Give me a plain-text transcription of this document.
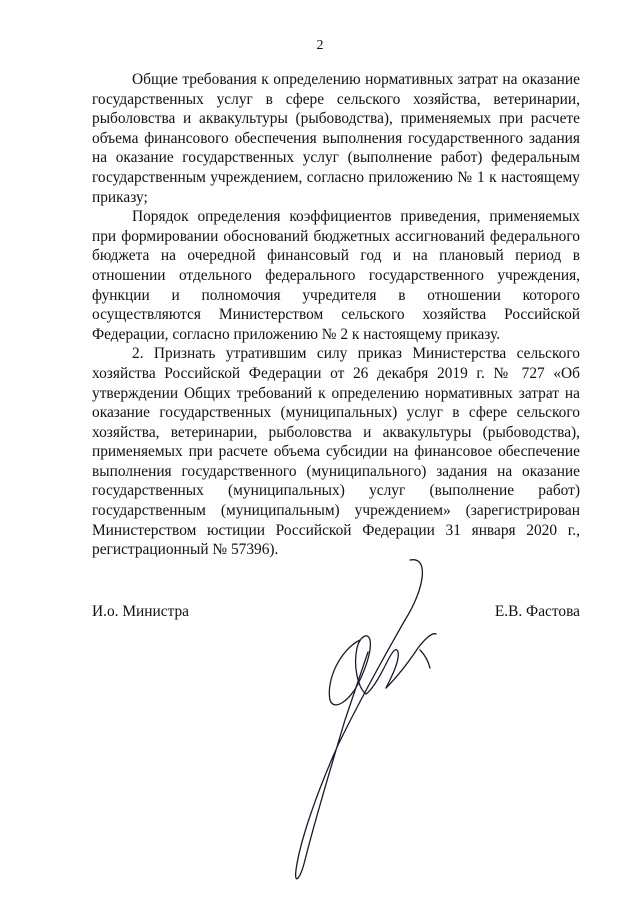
2

Общие требования к определению нормативных затрат на оказание государственных услуг в сфере сельского хозяйства, ветеринарии, рыболовства и аквакультуры (рыбоводства), применяемых при расчете объема финансового обеспечения выполнения государственного задания на оказание государственных услуг (выполнение работ) федеральным государственным учреждением, согласно приложению № 1 к настоящему приказу;

Порядок определения коэффициентов приведения, применяемых при формировании обоснований бюджетных ассигнований федерального бюджета на очередной финансовый год и на плановый период в отношении отдельного федерального государственного учреждения, функции и полномочия учредителя в отношении которого осуществляются Министерством сельского хозяйства Российской Федерации, согласно приложению № 2 к настоящему приказу.

2. Признать утратившим силу приказ Министерства сельского хозяйства Российской Федерации от 26 декабря 2019 г. № 727 «Об утверждении Общих требований к определению нормативных затрат на оказание государственных (муниципальных) услуг в сфере сельского хозяйства, ветеринарии, рыболовства и аквакультуры (рыбоводства), применяемых при расчете объема субсидии на финансовое обеспечение выполнения государственного (муниципального) задания на оказание государственных (муниципальных) услуг (выполнение работ) государственным (муниципальным) учреждением» (зарегистрирован Министерством юстиции Российской Федерации 31 января 2020 г., регистрационный № 57396).

И.о. Министра	Е.В. Фастова
